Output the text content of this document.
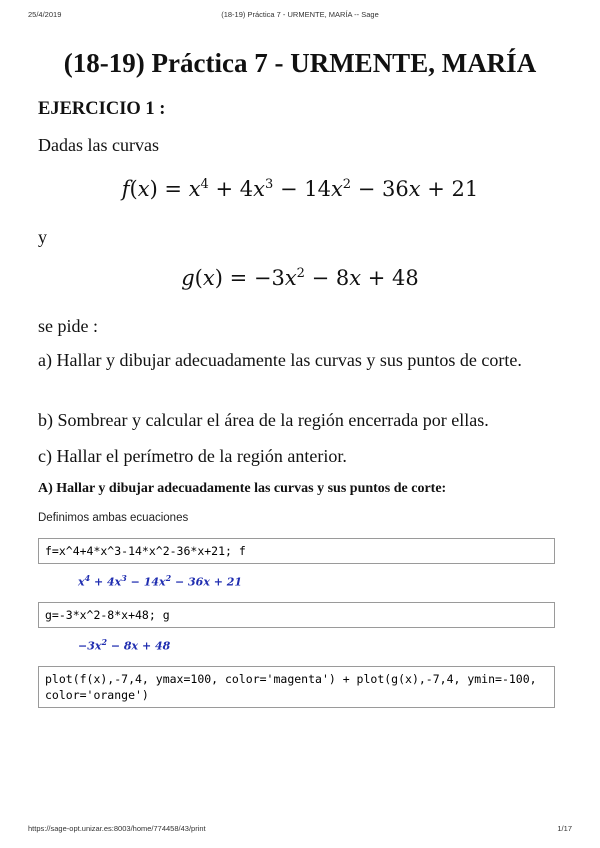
25/4/2019	(18-19) Práctica 7 - URMENTE, MARÍA -- Sage
(18-19) Práctica 7 - URMENTE, MARÍA
EJERCICIO 1 :
Dadas las curvas
$f(x) = x^4 + 4x^3 - 14x^2 - 36x + 21$
y
$g(x) = -3x^2 - 8x + 48$
se pide :
a) Hallar y dibujar adecuadamente las curvas y sus puntos de corte.
b) Sombrear y calcular el área de la región encerrada por ellas.
c) Hallar el perímetro de la región anterior.
A) Hallar y dibujar adecuadamente las curvas y sus puntos de corte:
Definimos ambas ecuaciones
f=x^4+4*x^3-14*x^2-36*x+21; f
$x^4 + 4x^3 - 14x^2 - 36x + 21$
g=-3*x^2-8*x+48; g
$-3x^2 - 8x + 48$
plot(f(x),-7,4, ymax=100, color='magenta') + plot(g(x),-7,4, ymin=-100, color='orange')
https://sage-opt.unizar.es:8003/home/774458/43/print	1/17
